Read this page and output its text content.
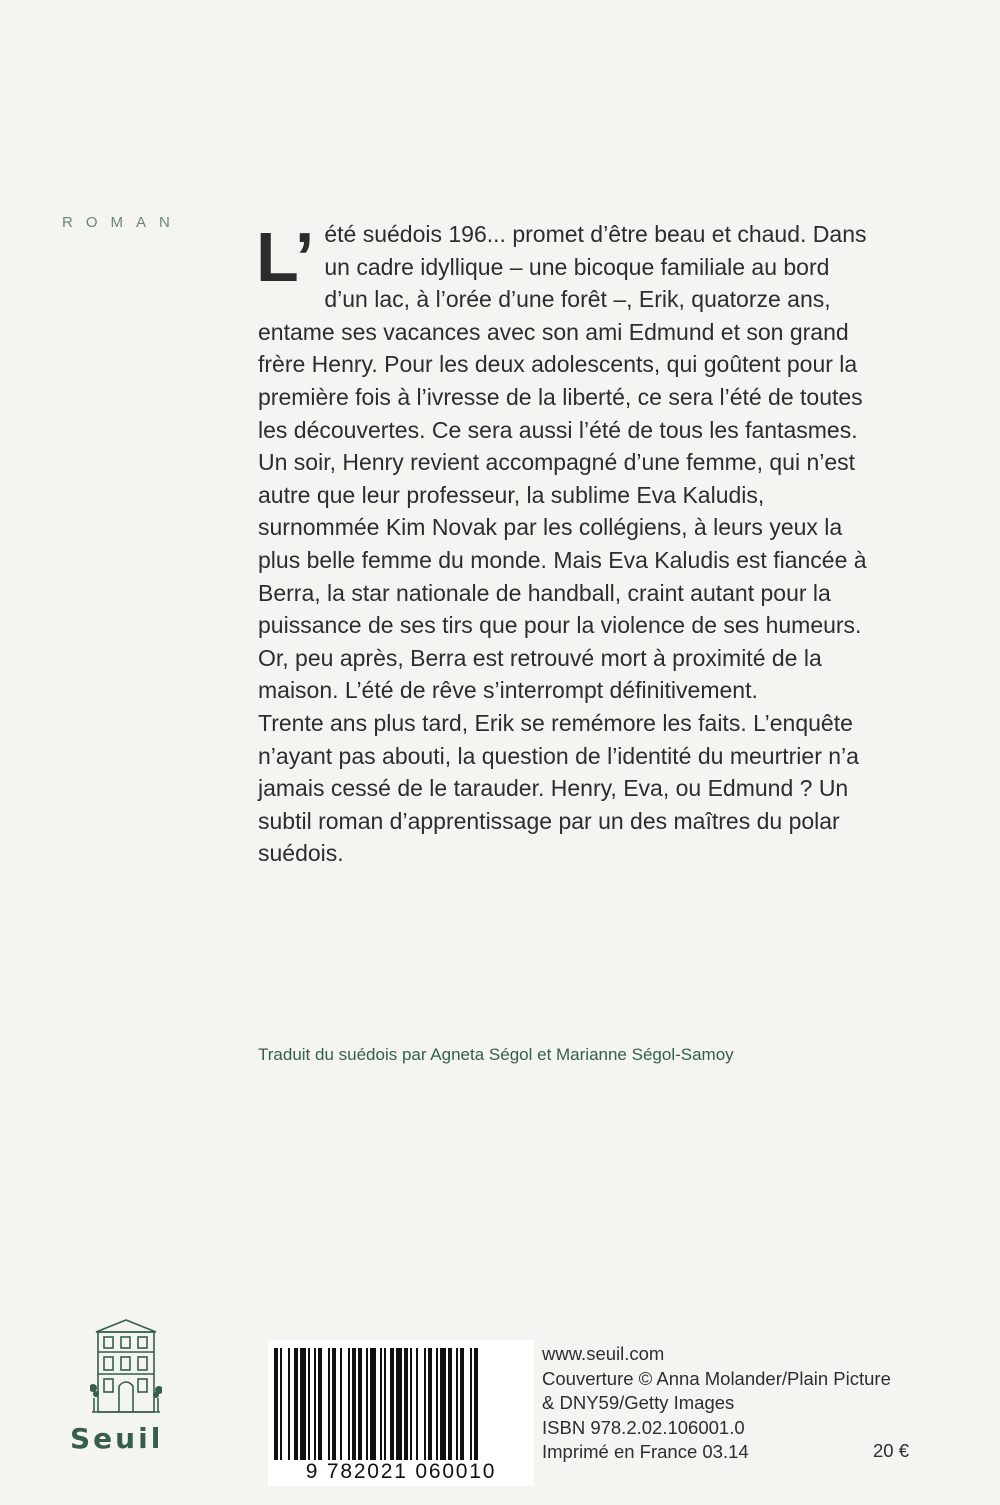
ROMAN L’ été suédois 196... promet d’être beau et chaud. Dans un cadre idyllique – une bicoque familiale au bord d’un lac, à l’orée d’une forêt –, Erik, quatorze ans, entame ses vacances avec son ami Edmund et son grand frère Henry. Pour les deux adolescents, qui goûtent pour la première fois à l’ivresse de la liberté, ce sera l’été de toutes les découvertes. Ce sera aussi l’été de tous les fantasmes. Un soir, Henry revient accompagné d’une femme, qui n’est autre que leur professeur, la sublime Eva Kaludis, surnommée Kim Novak par les collégiens, à leurs yeux la plus belle femme du monde. Mais Eva Kaludis est fiancée à Berra, la star nationale de handball, craint autant pour la puissance de ses tirs que pour la violence de ses humeurs. Or, peu après, Berra est retrouvé mort à proximité de la maison. L’été de rêve s’interrompt définitivement.

Trente ans plus tard, Erik se remémore les faits. L’enquête n’ayant pas abouti, la question de l’identité du meurtrier n’a jamais cessé de le tarauder. Henry, Eva, ou Edmund ? Un subtil roman d’apprentissage par un des maîtres du polar suédois.

Traduit du suédois par Agneta Ségol et Marianne Ségol-Samoy
Seuil
9 782021 060010
www.seuil.com
Couverture © Anna Molander/Plain Picture
& DNY59/Getty Images
ISBN 978.2.02.106001.0
Imprimé en France 03.14	20 €
